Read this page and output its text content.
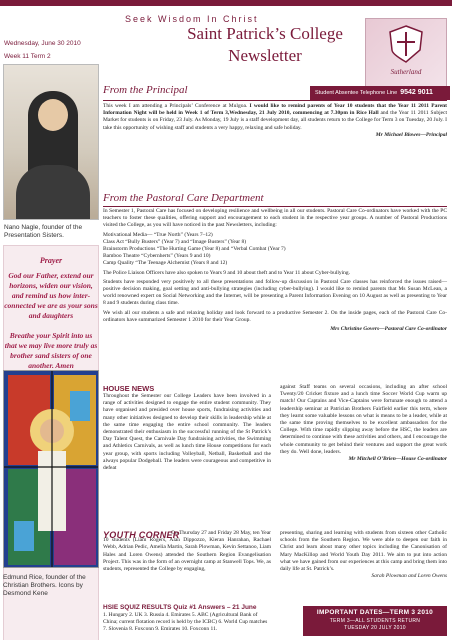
Seek Wisdom In Christ
Wednesday, June 30 2010
Week 11 Term 2
Nano Nagle, founder of the Presentation Sisters.
Prayer
God our Father, extend our horizons, widen our vision, and remind us how inter-connected we are as your sons and daughters
Breathe your Spirit into us that we may live more truly as brother sand sisters of one another. Amen
Edmund Rice, founder of the Christian Brothers. Icons by Desmond Kene
Saint Patrick’s College
Newsletter
Sutherland
From the Principal	Student Absentee Telephone Line 9542 9011
This week I am attending a Principals’ Conference at Mulgoa. I would like to remind parents of Year 10 students that the Year 11 2011 Parent Information Night will be held in Week 1 of Term 3,Wednesday, 21 July 2010, commencing at 7.30pm in Rice Hall and the Year 11 2011 Subject Market for students is on Friday, 23 July. As Monday, 19 July is a staff development day, all students return to the College for Term 3 on Tuesday, 20 July. I take this opportunity of wishing staff and students a very happy, relaxing and safe holiday.
Mr Michael Blowes—Principal
From the Pastoral Care Department

In Semester 1, Pastoral Care has focused on developing resilience and wellbeing in all our students. Pastoral Care Co-ordinators have worked with the PC teachers to foster these qualities, offering support and encouragement to each student in the respective year groups. A number of Pastoral Productions visited the College, as you will have noticed in the past Newsletters, including:

Motivational Media— “True North” (Years 7–12)
Class Act “Bully Busters” (Year 7) and “Image Busters” (Year 8)
Brainstorm Productions “The Hurting Game (Year 8) and “Verbal Combat (Year 7)
Bamboo Theatre “Cybernherts” (Years 9 and 10)
Camp Quality “The Teenage Alchemist (Years 8 and 12)

The Police Liaison Officers have also spoken to Years 9 and 10 about theft and to Year 11 about Cyber-bullying.

Students have responded very positively to all these presentations and follow-up discussion in Pastoral Care classes has reinforced the issues raised—positive decision making, goal setting and anti-bullying strategies (including cyber-bullying). I would like to remind parents that Ms Susan McLean, a world renowned expert on Social Networking and the Internet, will be presenting a Parent Information Evening on 10 August as well as presenting to Year 8 and 9 students during class time.

We wish all our students a safe and relaxing holiday and look forward to a productive Semester 2. On the inside pages, each of the Pastoral Care Co-ordinators have summarized Semester 1 2010 for their Year Group.

Mrs Christine Govers—Pastoral Care Co-ordinator
HOUSE NEWS
Throughout the Semester our College Leaders have been involved in a range of activities designed to engage the entire student community. They have organised and presided over house sports, fundraising activities and many other initiatives designed to develop their skills in leadership while at the same time engaging the entire school community. The leaders demonstrated their enthusiasm in the successful running of the St Patrick’s Day Talent Quest, the Carnivale Day fundraising activities, the Swimming and Athletics Carnivals, as well as lunch time House competitions for each year group, with sports including Volleyball, Netball, Basketball and the always popular Dodgeball. The leaders were courageous and competitive in defeat
against Staff teams on several occasions, including an after school Twenty/20 Cricket fixture and a lunch time Soccer World Cup warm up match! Our Captains and Vice-Captains were fortunate enough to attend a leadership seminar at Patrician Brothers Fairfield earlier this term, where they learnt some valuable lessons on what is means to be a leader, while at the same time proving themselves to be excellent ambassadors for the College. With time rapidly slipping away before the HSC, the leaders are determined to continue with these activities and others, and I encourage the whole community to get behind their ventures and support the great work they do. Well done, leaders.
Mr Mitchell O’Brien—House Co-ordinator
On Thursday 27 and Friday 28 May, ten Year 10 students (Liam Rogers, Alan Dippozzo, Kieran Hanrahan, Rachael Webb, Adrian Pedic, Amelia Martin, Sarah Plowman, Kevin Settanoo, Liam Hales and Loren Owens) attended the Southern Region Evangelisation Project. This was in the form of an overnight camp at Stanwell Tops. We, as students, represented the College by engaging,
YOUTH CORNER	presenting, sharing and learning with students from sixteen other Catholic schools from the Southern Region. We were able to deepen our faith in Christ and learn about many other topics including the Canonisation of Mary MacKillop and World Youth Day 2011. We aim to put into action what we have gained from our experiences at this camp and bring them into daily life at St. Patrick’s.
Sarah Plowman and Loren Owens
HSIE SQUIZ RESULTS Quiz #1 Answers – 21 June
1. Hungary 2. UK 3. Russia 4. Emirates 5. ABC (Agricultural Bank of China; current flotation record is held by the ICBC) 6. World Cup matches 7. Slovenia 8. Foxconn 9. Emirates 10. Foxconn 11.
IMPORTANT DATES—TERM 3 2010
TERM 3—ALL STUDENTS RETURN
TUESDAY 20 JULY 2010
